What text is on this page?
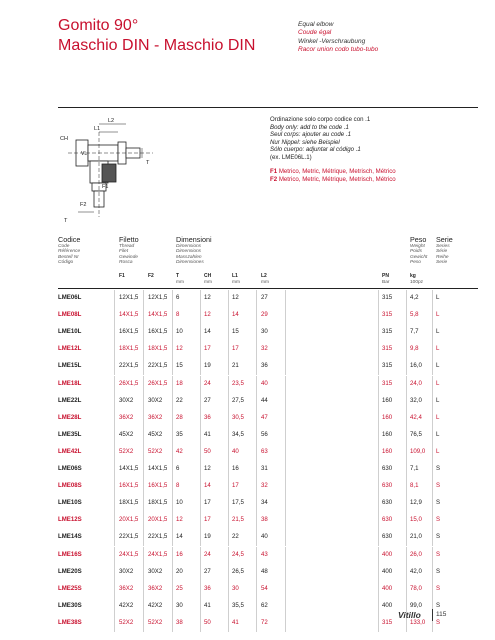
Gomito 90°
Maschio DIN - Maschio DIN
Equal elbow
Coude égal
Winkel -Verschraubung
Racor union codo tubo-tubo
L2
L1
CH
T
F1
F2
T
VL
Ordinazione solo corpo codice con .1
Body only: add to the code .1
Seul corps: ajouter au code .1
Nur Nippel: siehe Beispiel
Sólo cuerpo: adjuntar al código .1
(ex. LME06L.1)
F1 Metrico, Metric, Métrique, Metrisch, Métrico
F2 Metrico, Metric, Métrique, Metrisch, Métrico
Codice
Code
Référence
Bestell Nr
Código
Filetto
Thread
Filet
Gewinde
Rosca
Dimensioni
Dimensions
Dimensions
Masszahlen
Dimensiones
Peso
Weight
Poids
Gewicht
Peso
Serie
Series
Série
Reihe
Serie
F1	F2	T	CH	L1	L2	PN	kg
mm	mm	mm	mm	Bar	100pz
LME06L	12X1,5 12X1,5 6	12	12	27	315	4,2	L
LME08L	14X1,5 14X1,5 8	12	14	29	315	5,8	L
LME10L	16X1,5 16X1,5 10	14	15	30	315	7,7	L
LME12L	18X1,5 18X1,5 12	17	17	32	315	9,8	L
LME15L	22X1,5 22X1,5 15	19	21	36	315	16,0 L
LME18L	26X1,5 26X1,5 18	24	23,5	40	315	24,0 L
LME22L	30X2 30X2 22	27	27,5	44	160	32,0 L
LME28L	36X2 36X2 28	36	30,5	47	160	42,4 L
LME35L	45X2 45X2 35	41	34,5	56	160	76,5 L
LME42L	52X2 52X2 42	50	40	63	160	109,0 L
LME06S	14X1,5 14X1,5 6	12	16	31	630	7,1	S
LME08S	16X1,5 16X1,5 8	14	17	32	630	8,1	S
LME10S	18X1,5 18X1,5 10	17	17,5	34	630	12,9 S
LME12S	20X1,5 20X1,5 12	17	21,5	38	630	15,0 S
LME14S	22X1,5 22X1,5 14	19	22	40	630	21,0 S
LME16S	24X1,5 24X1,5 16	24	24,5	43	400	26,0 S
LME20S	30X2 30X2 20	27	26,5	48	400	42,0 S
LME25S	36X2 36X2 25	36	30	54	400	78,0 S
LME30S	42X2 42X2 30	41	35,5	62	400	99,0 S
LME38S	52X2 52X2 38	50	41	72	315	133,0 S
Vitillo 115
